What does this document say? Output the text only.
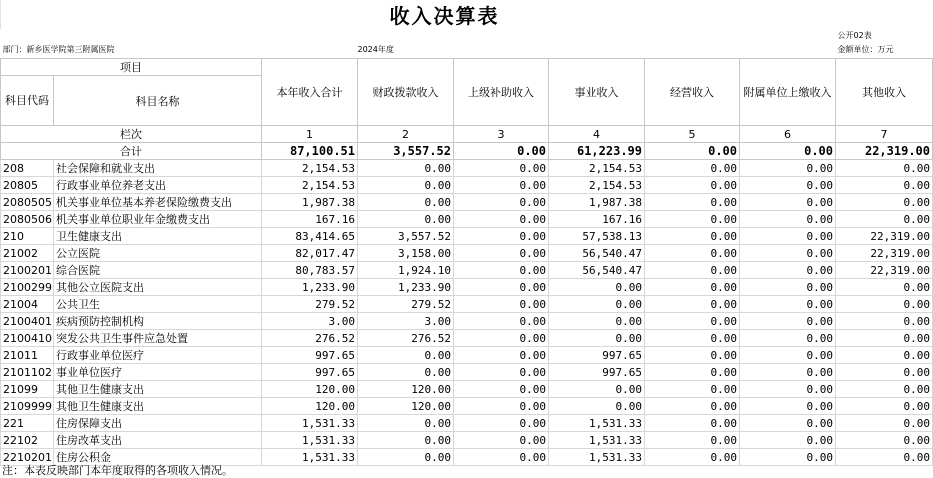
	收入决算表		
			公开02表
部门：新乡医学院第三附属医院		2024年度	金额单位：万元
项目		本年收入合计	财政拨款收入	上级补助收入	事业收入	经营收入	附属单位上缴收入	其他收入
科目代码	科目名称							
栏次		1	2	3	4	5	6	7
合计		87,100.51	3,557.52	0.00	61,223.99	0.00	0.00	22,319.00
208	社会保障和就业支出	2,154.53	0.00	0.00	2,154.53	0.00	0.00	0.00
20805	行政事业单位养老支出	2,154.53	0.00	0.00	2,154.53	0.00	0.00	0.00
2080505	机关事业单位基本养老保险缴费支出	1,987.38	0.00	0.00	1,987.38	0.00	0.00	0.00
2080506	机关事业单位职业年金缴费支出	167.16	0.00	0.00	167.16	0.00	0.00	0.00
210	卫生健康支出	83,414.65	3,557.52	0.00	57,538.13	0.00	0.00	22,319.00
21002	公立医院	82,017.47	3,158.00	0.00	56,540.47	0.00	0.00	22,319.00
2100201	综合医院	80,783.57	1,924.10	0.00	56,540.47	0.00	0.00	22,319.00
2100299	其他公立医院支出	1,233.90	1,233.90	0.00	0.00	0.00	0.00	0.00
21004	公共卫生	279.52	279.52	0.00	0.00	0.00	0.00	0.00
2100401	疾病预防控制机构	3.00	3.00	0.00	0.00	0.00	0.00	0.00
2100410	突发公共卫生事件应急处置	276.52	276.52	0.00	0.00	0.00	0.00	0.00
21011	行政事业单位医疗	997.65	0.00	0.00	997.65	0.00	0.00	0.00
2101102	事业单位医疗	997.65	0.00	0.00	997.65	0.00	0.00	0.00
21099	其他卫生健康支出	120.00	120.00	0.00	0.00	0.00	0.00	0.00
2109999	其他卫生健康支出	120.00	120.00	0.00	0.00	0.00	0.00	0.00
221	住房保障支出	1,531.33	0.00	0.00	1,531.33	0.00	0.00	0.00
22102	住房改革支出	1,531.33	0.00	0.00	1,531.33	0.00	0.00	0.00
2210201	住房公积金	1,531.33	0.00	0.00	1,531.33	0.00	0.00	0.00
注：本表反映部门本年度取得的各项收入情况。
